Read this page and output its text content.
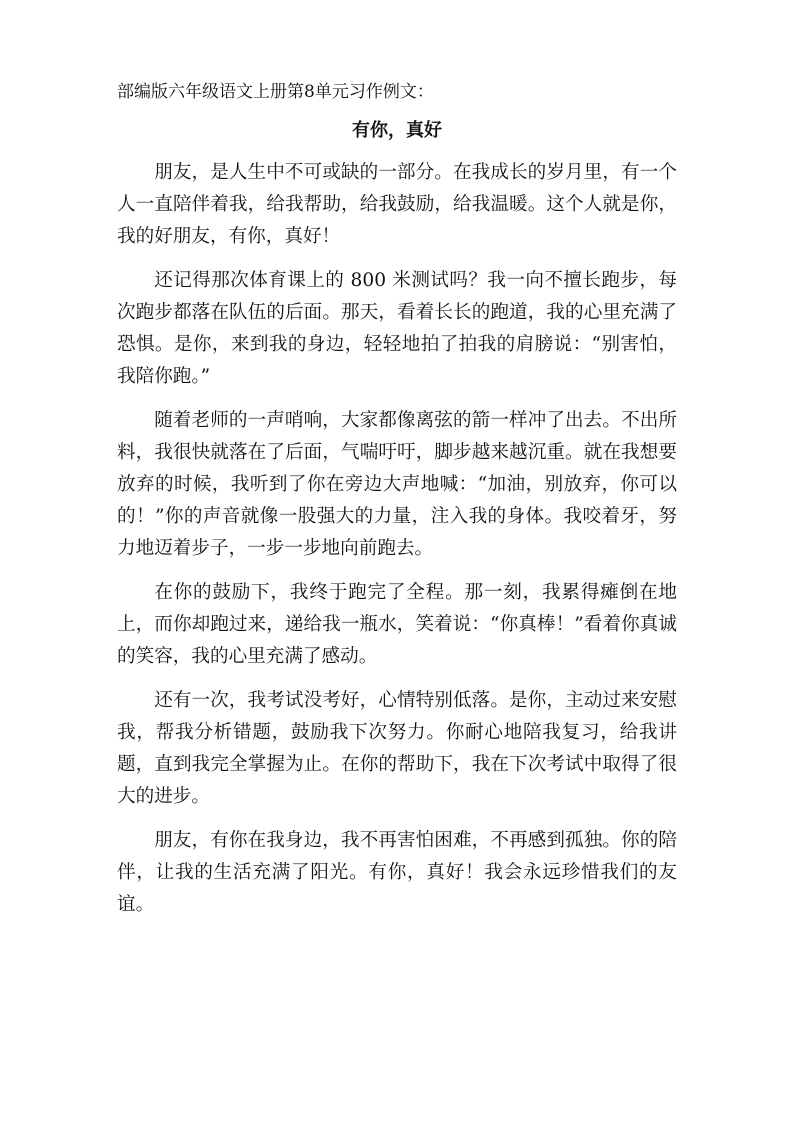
部编版六年级语文上册第8单元习作例文：
有你，真好

朋友，是人生中不可或缺的一部分。在我成长的岁月里，有一个人一直陪伴着我，给我帮助，给我鼓励，给我温暖。这个人就是你，我的好朋友，有你，真好！

还记得那次体育课上的 800 米测试吗？我一向不擅长跑步，每次跑步都落在队伍的后面。那天，看着长长的跑道，我的心里充满了恐惧。是你，来到我的身边，轻轻地拍了拍我的肩膀说：“别害怕，我陪你跑。”

随着老师的一声哨响，大家都像离弦的箭一样冲了出去。不出所料，我很快就落在了后面，气喘吁吁，脚步越来越沉重。就在我想要放弃的时候，我听到了你在旁边大声地喊：“加油，别放弃，你可以的！”你的声音就像一股强大的力量，注入我的身体。我咬着牙，努力地迈着步子，一步一步地向前跑去。

在你的鼓励下，我终于跑完了全程。那一刻，我累得瘫倒在地上，而你却跑过来，递给我一瓶水，笑着说：“你真棒！”看着你真诚的笑容，我的心里充满了感动。

还有一次，我考试没考好，心情特别低落。是你，主动过来安慰我，帮我分析错题，鼓励我下次努力。你耐心地陪我复习，给我讲题，直到我完全掌握为止。在你的帮助下，我在下次考试中取得了很大的进步。

朋友，有你在我身边，我不再害怕困难，不再感到孤独。你的陪伴，让我的生活充满了阳光。有你，真好！我会永远珍惜我们的友谊。
